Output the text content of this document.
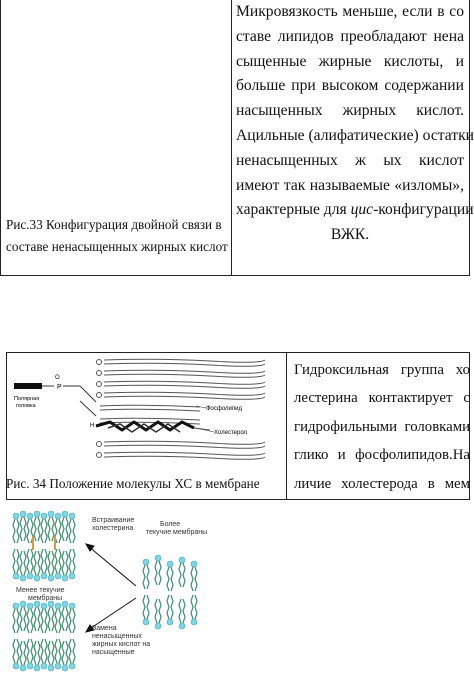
Рис.33 Конфигурация двойной связи в
составе ненасыщенных жирных кислот
Микровязкость меньше, если в со
ставе липидов преобладают нена
сыщенные жирные кислоты, и
больше при высоком содержании
насыщенных жирных кислот.
Ацильные (алифатические) остатки
ненасыщенных ж ых кислот
имеют так называемые «изломы»,
характерные для цис-конфигурации
ВЖК.
P
O
Полярная
головка
H
Фосфолипид
Холестерол
Рис. 34 Положение молекулы ХС в мембране
Гидроксильная группа хо
лестерина контактирует с
гидрофильными головками
глико и фосфолипидов.На
личие холестерода в мем
Встраивание
холестерина
Более
текучие мембраны
Менее текучие
мембраны
Замена
ненасыщенных
жирных кислот на
насыщенные
